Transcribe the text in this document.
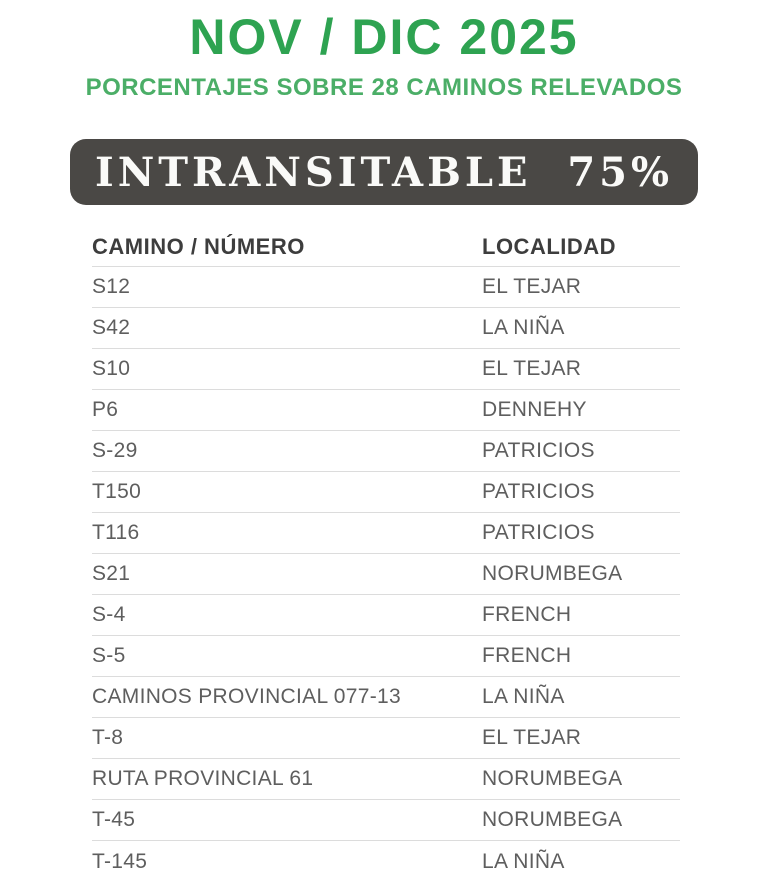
NOV / DIC 2025

PORCENTAJES SOBRE 28 CAMINOS RELEVADOS

INTRANSITABLE 75%
CAMINO / NÚMERO	LOCALIDAD
S12	EL TEJAR
S42	LA NIÑA
S10	EL TEJAR
P6	DENNEHY
S-29	PATRICIOS
T150	PATRICIOS
T116	PATRICIOS
S21	NORUMBEGA
S-4	FRENCH
S-5	FRENCH
CAMINOS PROVINCIAL 077-13	LA NIÑA
T-8	EL TEJAR
RUTA PROVINCIAL 61	NORUMBEGA
T-45	NORUMBEGA
T-145	LA NIÑA
